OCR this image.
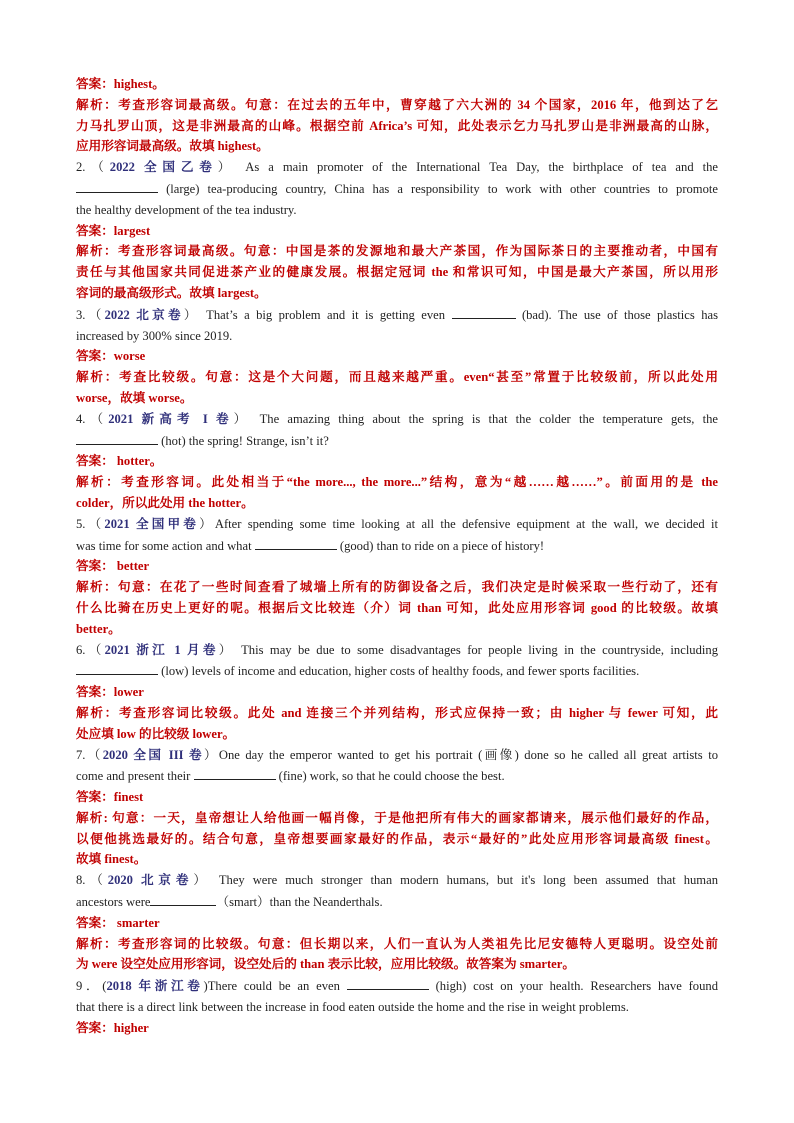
答案：highest。
解析：考查形容词最高级。句意：在过去的五年中，曹穿越了六大洲的 34 个国家，2016 年，他到达了乞
力马扎罗山顶，这是非洲最高的山峰。根据空前 Africa’s 可知，此处表示乞力马扎罗山是非洲最高的山脉，
应用形容词最高级。故填 highest。
2.（2022 全国乙卷） As a main promoter of the International Tea Day, the birthplace of tea and the
(large) tea-producing country, China has a responsibility to work with other countries to promote
the healthy development of the tea industry.
答案：largest
解析：考查形容词最高级。句意：中国是茶的发源地和最大产茶国，作为国际茶日的主要推动者，中国有
责任与其他国家共同促进茶产业的健康发展。根据定冠词 the 和常识可知，中国是最大产茶国，所以用形
容词的最高级形式。故填 largest。
3.（2022 北京卷） That’s a big problem and it is getting even	(bad). The use of those plastics has
increased by 300% since 2019.
答案：worse
解析：考查比较级。句意：这是个大问题，而且越来越严重。even“甚至”常置于比较级前，所以此处用
worse，故填 worse。
4.（2021 新高考 I 卷） The amazing thing about the spring is that the colder the temperature gets, the
(hot) the spring! Strange, isn’t it?
答案： hotter。
解析：考查形容词。此处相当于“the more..., the more...”结构，意为“越……越……”。前面用的是 the
colder，所以此处用 the hotter。
5.（2021 全国甲卷）After spending some time looking at all the defensive equipment at the wall, we decided it
was time for some action and what	(good) than to ride on a piece of history!
答案： better
解析：句意：在花了一些时间查看了城墙上所有的防御设备之后，我们决定是时候采取一些行动了，还有
什么比骑在历史上更好的呢。根据后文比较连（介）词 than 可知，此处应用形容词 good 的比较级。故填
better。
6.（2021 浙江 1 月卷） This may be due to some disadvantages for people living in the countryside, including
(low) levels of income and education, higher costs of healthy foods, and fewer sports facilities.
答案：lower
解析：考查形容词比较级。此处 and 连接三个并列结构，形式应保持一致；由 higher 与 fewer 可知，此
处应填 low 的比较级 lower。
7.（2020 全国 III 卷）One day the emperor wanted to get his portrait (画像) done so he called all great artists to
come and present their	(fine) work, so that he could choose the best.
答案：finest
解析: 句意：一天，皇帝想让人给他画一幅肖像，于是他把所有伟大的画家都请来，展示他们最好的作品，
以便他挑选最好的。结合句意，皇帝想要画家最好的作品，表示“最好的”此处应用形容词最高级 finest。
故填 finest。
8.（2020 北京卷） They were much stronger than modern humans, but it's long been assumed that human
ancestors were	（smart）than the Neanderthals.
答案： smarter
解析：考查形容词的比较级。句意：但长期以来，人们一直认为人类祖先比尼安德特人更聪明。设空处前
为 were 设空处应用形容词，设空处后的 than 表示比较，应用比较级。故答案为 smarter。
9．(2018 年浙江卷)There could be an even	(high) cost on your health. Researchers have found
that there is a direct link between the increase in food eaten outside the home and the rise in weight problems.
答案：higher
